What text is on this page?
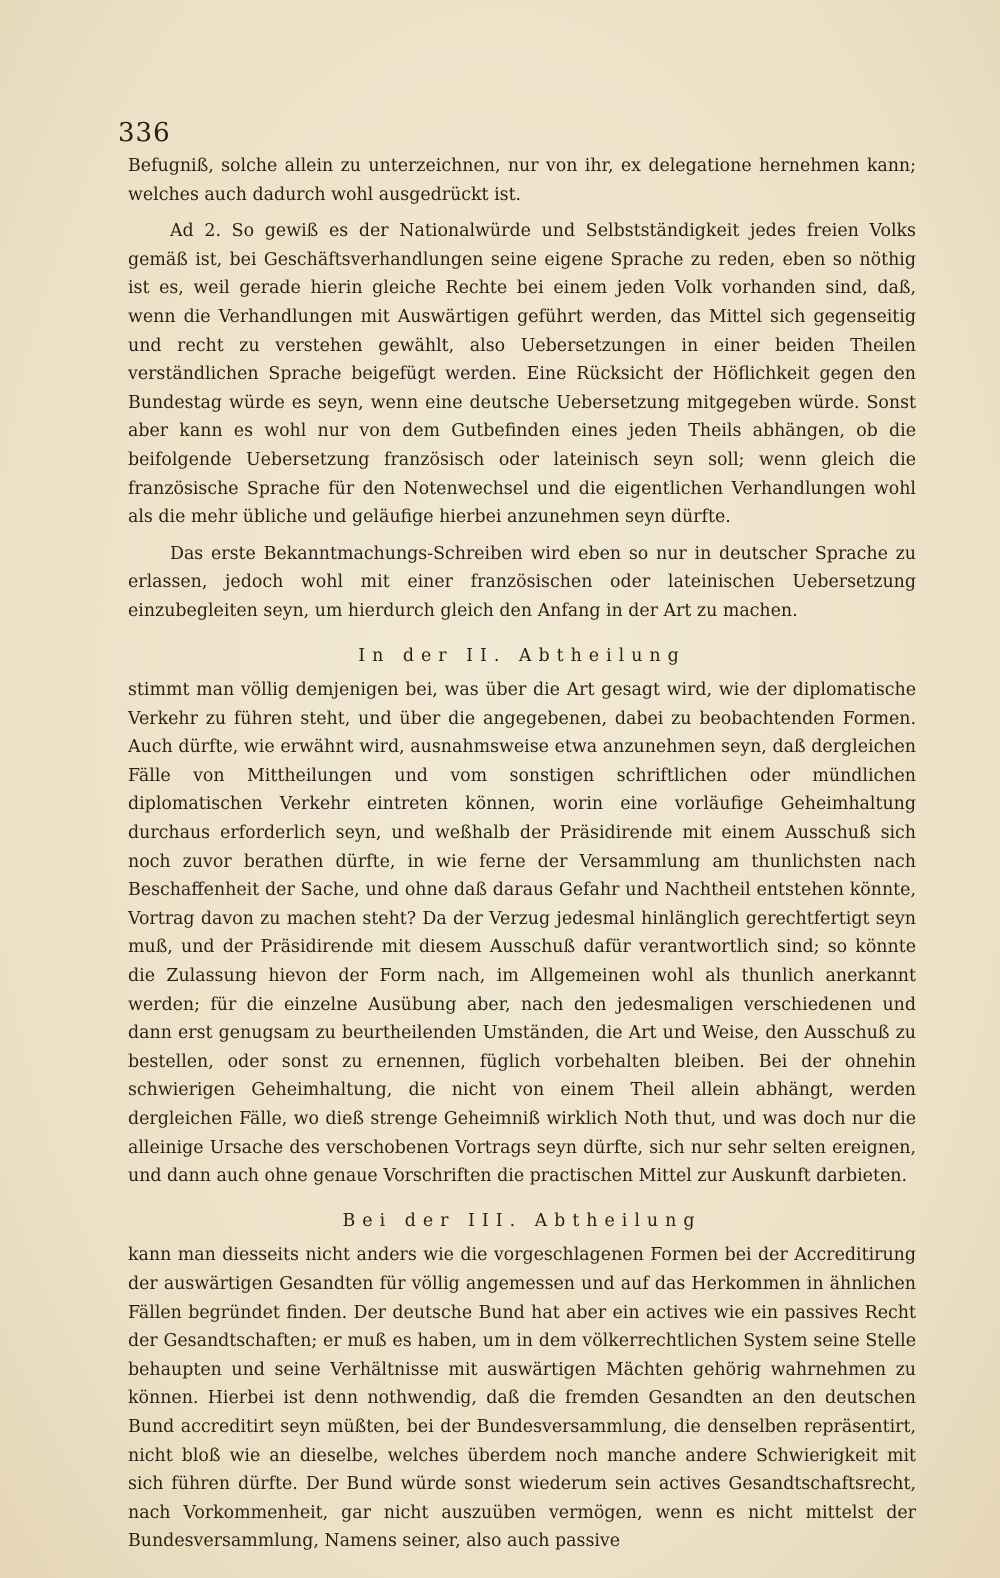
336

Befugniß, solche allein zu unterzeichnen, nur von ihr, ex delegatione hernehmen kann; welches auch dadurch wohl ausgedrückt ist.

Ad 2. So gewiß es der Nationalwürde und Selbstständigkeit jedes freien Volks gemäß ist, bei Geschäftsverhandlungen seine eigene Sprache zu reden, eben so nöthig ist es, weil gerade hierin gleiche Rechte bei einem jeden Volk vorhanden sind, daß, wenn die Verhandlungen mit Auswärtigen geführt werden, das Mittel sich gegenseitig und recht zu verstehen gewählt, also Uebersetzungen in einer beiden Theilen verständlichen Sprache beigefügt werden. Eine Rücksicht der Höflichkeit gegen den Bundestag würde es seyn, wenn eine deutsche Uebersetzung mitgegeben würde. Sonst aber kann es wohl nur von dem Gutbefinden eines jeden Theils abhängen, ob die beifolgende Uebersetzung französisch oder lateinisch seyn soll; wenn gleich die französische Sprache für den Notenwechsel und die eigentlichen Verhandlungen wohl als die mehr übliche und geläufige hierbei anzunehmen seyn dürfte.

Das erste Bekanntmachungs-Schreiben wird eben so nur in deutscher Sprache zu erlassen, jedoch wohl mit einer französischen oder lateinischen Uebersetzung einzubegleiten seyn, um hierdurch gleich den Anfang in der Art zu machen.

In der II. Abtheilung

stimmt man völlig demjenigen bei, was über die Art gesagt wird, wie der diplomatische Verkehr zu führen steht, und über die angegebenen, dabei zu beobachtenden Formen. Auch dürfte, wie erwähnt wird, ausnahmsweise etwa anzunehmen seyn, daß dergleichen Fälle von Mittheilungen und vom sonstigen schriftlichen oder mündlichen diplomatischen Verkehr eintreten können, worin eine vorläufige Geheimhaltung durchaus erforderlich seyn, und weßhalb der Präsidirende mit einem Ausschuß sich noch zuvor berathen dürfte, in wie ferne der Versammlung am thunlichsten nach Beschaffenheit der Sache, und ohne daß daraus Gefahr und Nachtheil entstehen könnte, Vortrag davon zu machen steht? Da der Verzug jedesmal hinlänglich gerechtfertigt seyn muß, und der Präsidirende mit diesem Ausschuß dafür verantwortlich sind; so könnte die Zulassung hievon der Form nach, im Allgemeinen wohl als thunlich anerkannt werden; für die einzelne Ausübung aber, nach den jedesmaligen verschiedenen und dann erst genugsam zu beurtheilenden Umständen, die Art und Weise, den Ausschuß zu bestellen, oder sonst zu ernennen, füglich vorbehalten bleiben. Bei der ohnehin schwierigen Geheimhaltung, die nicht von einem Theil allein abhängt, werden dergleichen Fälle, wo dieß strenge Geheimniß wirklich Noth thut, und was doch nur die alleinige Ursache des verschobenen Vortrags seyn dürfte, sich nur sehr selten ereignen, und dann auch ohne genaue Vorschriften die practischen Mittel zur Auskunft darbieten.

Bei der III. Abtheilung

kann man diesseits nicht anders wie die vorgeschlagenen Formen bei der Accreditirung der auswärtigen Gesandten für völlig angemessen und auf das Herkommen in ähnlichen Fällen begründet finden. Der deutsche Bund hat aber ein actives wie ein passives Recht der Gesandtschaften; er muß es haben, um in dem völkerrechtlichen System seine Stelle behaupten und seine Verhältnisse mit auswärtigen Mächten gehörig wahrnehmen zu können. Hierbei ist denn nothwendig, daß die fremden Gesandten an den deutschen Bund accreditirt seyn müßten, bei der Bundesversammlung, die denselben repräsentirt, nicht bloß wie an dieselbe, welches überdem noch manche andere Schwierigkeit mit sich führen dürfte. Der Bund würde sonst wiederum sein actives Gesandtschaftsrecht, nach Vorkommenheit, gar nicht auszuüben vermögen, wenn es nicht mittelst der Bundesversammlung, Namens seiner, also auch passive
